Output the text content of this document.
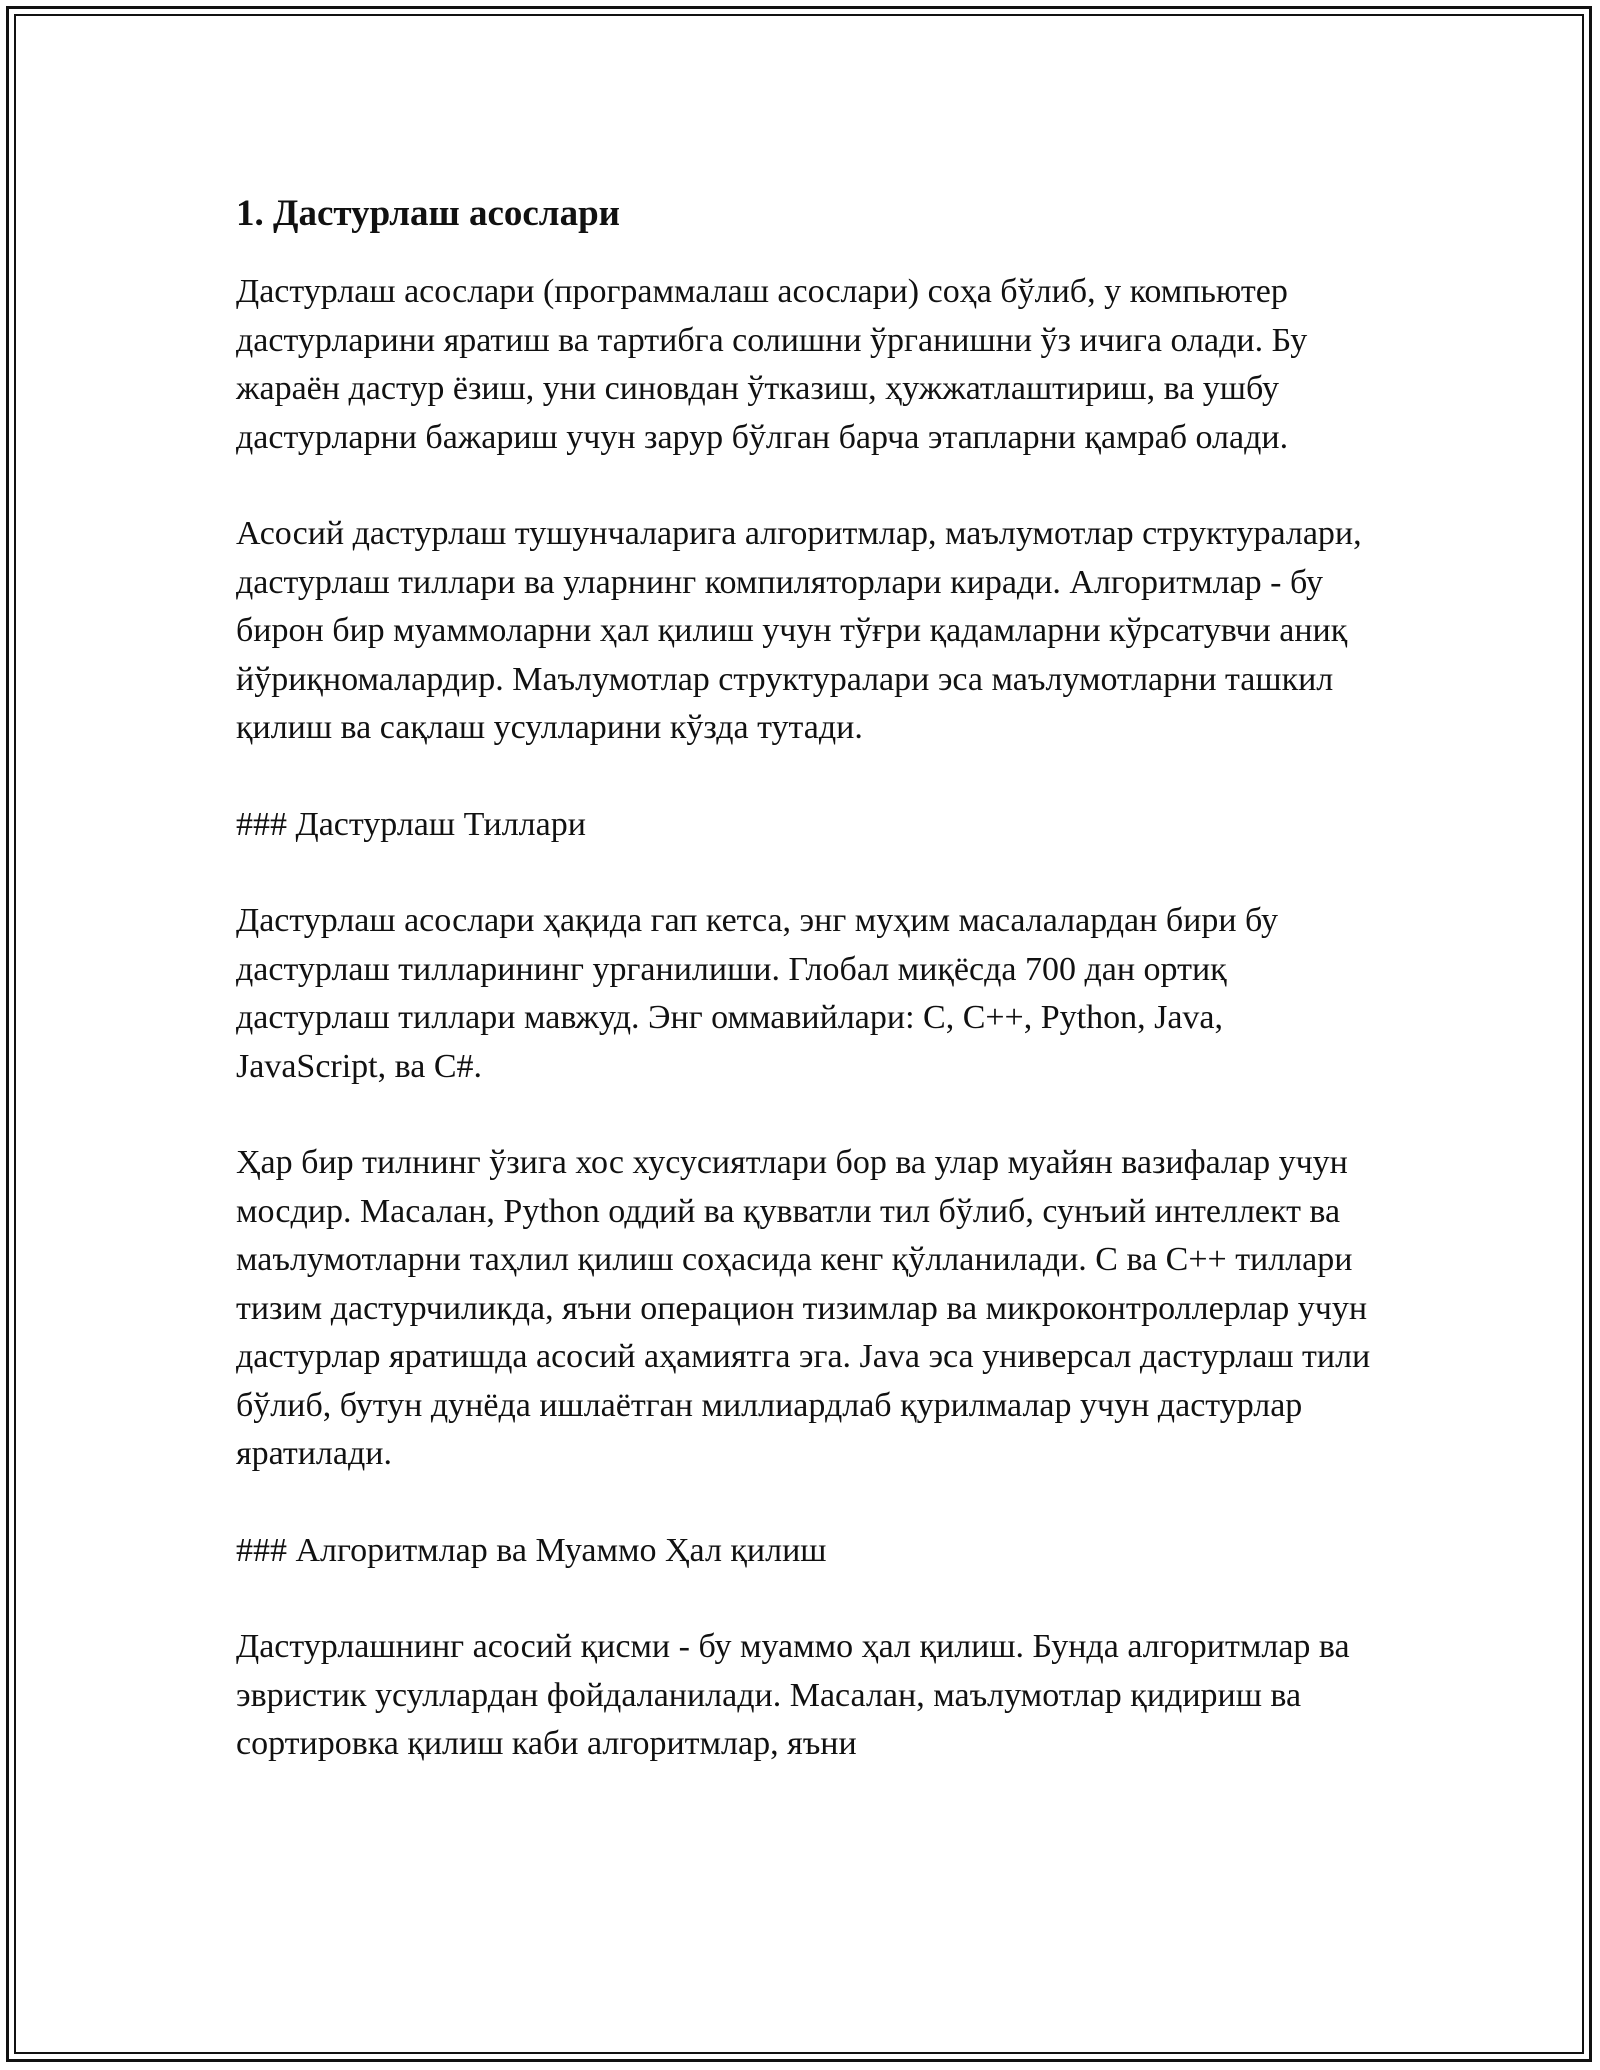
1. Дастурлаш асослари

Дастурлаш асослари (программалаш асослари) соҳа бўлиб, у компьютер дастурларини яратиш ва тартибга солишни ўрганишни ўз ичига олади. Бу жараён дастур ёзиш, уни синовдан ўтказиш, ҳужжатлаштириш, ва ушбу дастурларни бажариш учун зарур бўлган барча этапларни қамраб олади.

Асосий дастурлаш тушунчаларига алгоритмлар, маълумотлар структуралари, дастурлаш тиллари ва уларнинг компиляторлари киради. Алгоритмлар - бу бирон бир муаммоларни ҳал қилиш учун тўғри қадамларни кўрсатувчи аниқ йўриқномалардир. Маълумотлар структуралари эса маълумотларни ташкил қилиш ва сақлаш усулларини кўзда тутади.

### Дастурлаш Тиллари

Дастурлаш асослари ҳақида гап кетса, энг муҳим масалалардан бири бу дастурлаш тилларининг урганилиши. Глобал миқёсда 700 дан ортиқ дастурлаш тиллари мавжуд. Энг оммавийлари: C, C++, Python, Java, JavaScript, ва C#.

Ҳар бир тилнинг ўзига хос хусусиятлари бор ва улар муайян вазифалар учун мосдир. Масалан, Python оддий ва қувватли тил бўлиб, сунъий интеллект ва маълумотларни таҳлил қилиш соҳасида кенг қўлланилади. C ва C++ тиллари тизим дастурчиликда, яъни операцион тизимлар ва микроконтроллерлар учун дастурлар яратишда асосий аҳамиятга эга. Java эса универсал дастурлаш тили бўлиб, бутун дунёда ишлаётган миллиардлаб қурилмалар учун дастурлар яратилади.

### Алгоритмлар ва Муаммо Ҳал қилиш

Дастурлашнинг асосий қисми - бу муаммо ҳал қилиш. Бунда алгоритмлар ва эвристик усуллардан фойдаланилади. Масалан, маълумотлар қидириш ва сортировка қилиш каби алгоритмлар, яъни
